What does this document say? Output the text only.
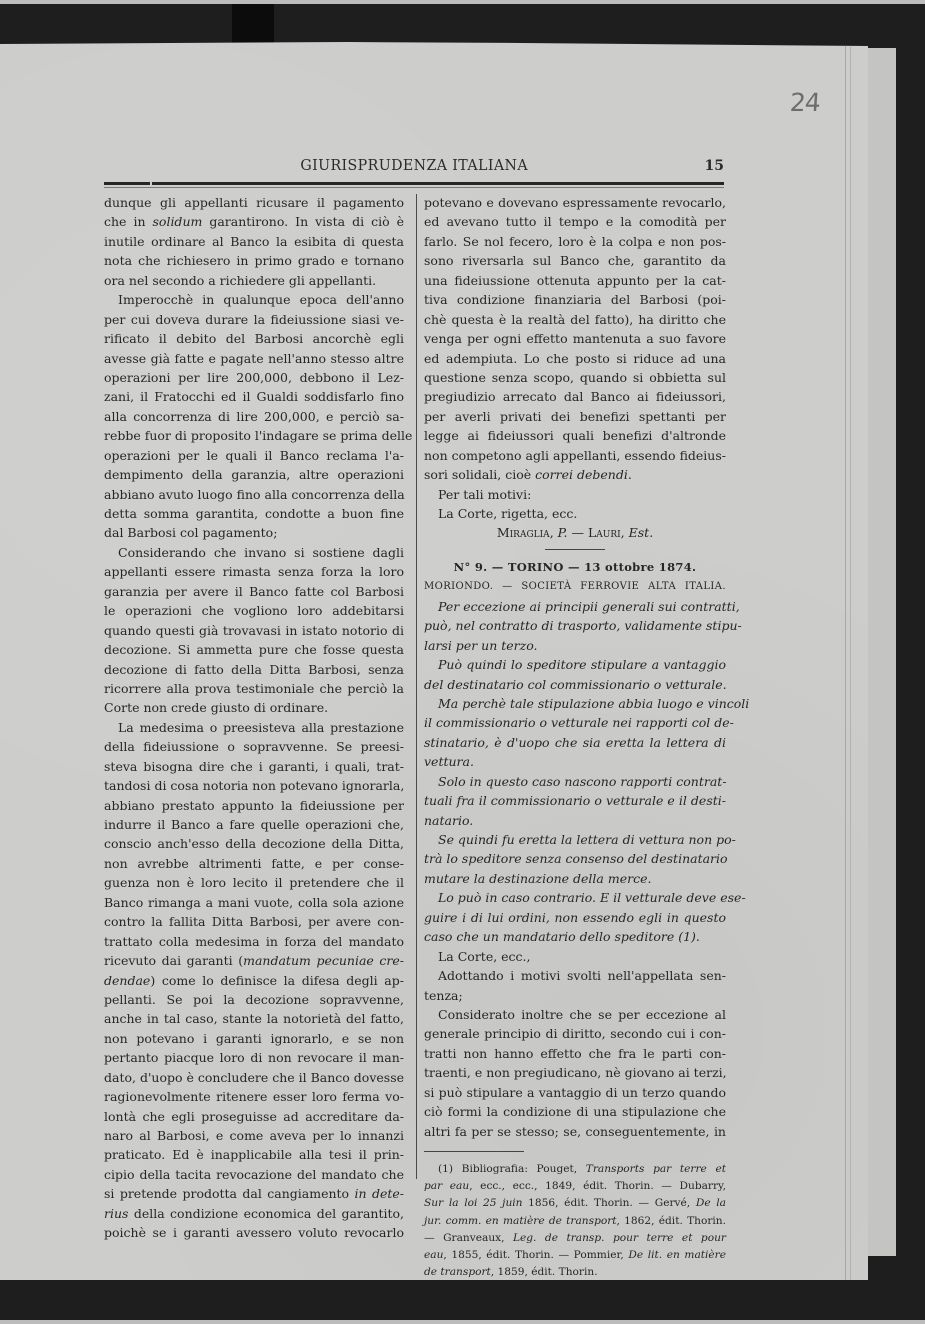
24
GIURISPRUDENZA ITALIANA	15
dunque gli appellanti ricusare il pagamento
che in solidum garantirono. In vista di ciò è
inutile ordinare al Banco la esibita di questa
nota che richiesero in primo grado e tornano
ora nel secondo a richiedere gli appellanti.
Imperocchè in qualunque epoca dell'anno
per cui doveva durare la fideiussione siasi ve-
rificato il debito del Barbosi ancorchè egli
avesse già fatte e pagate nell'anno stesso altre
operazioni per lire 200,000, debbono il Lez-
zani, il Fratocchi ed il Gualdi soddisfarlo fino
alla concorrenza di lire 200,000, e perciò sa-
rebbe fuor di proposito l'indagare se prima delle
operazioni per le quali il Banco reclama l'a-
dempimento della garanzia, altre operazioni
abbiano avuto luogo fino alla concorrenza della
detta somma garantita, condotte a buon fine
dal Barbosi col pagamento;
Considerando che invano si sostiene dagli
appellanti essere rimasta senza forza la loro
garanzia per avere il Banco fatte col Barbosi
le operazioni che vogliono loro addebitarsi
quando questi già trovavasi in istato notorio di
decozione. Si ammetta pure che fosse questa
decozione di fatto della Ditta Barbosi, senza
ricorrere alla prova testimoniale che perciò la
Corte non crede giusto di ordinare.
La medesima o preesisteva alla prestazione
della fideiussione o sopravvenne. Se preesi-
steva bisogna dire che i garanti, i quali, trat-
tandosi di cosa notoria non potevano ignorarla,
abbiano prestato appunto la fideiussione per
indurre il Banco a fare quelle operazioni che,
conscio anch'esso della decozione della Ditta,
non avrebbe altrimenti fatte, e per conse-
guenza non è loro lecito il pretendere che il
Banco rimanga a mani vuote, colla sola azione
contro la fallita Ditta Barbosi, per avere con-
trattato colla medesima in forza del mandato
ricevuto dai garanti (mandatum pecuniae cre-
dendae) come lo definisce la difesa degli ap-
pellanti. Se poi la decozione sopravvenne,
anche in tal caso, stante la notorietà del fatto,
non potevano i garanti ignorarlo, e se non
pertanto piacque loro di non revocare il man-
dato, d'uopo è concludere che il Banco dovesse
ragionevolmente ritenere esser loro ferma vo-
lontà che egli proseguisse ad accreditare da-
naro al Barbosi, e come aveva per lo innanzi
praticato. Ed è inapplicabile alla tesi il prin-
cipio della tacita revocazione del mandato che
si pretende prodotta dal cangiamento in dete-
rius della condizione economica del garantito,
poichè se i garanti avessero voluto revocarlo
potevano e dovevano espressamente revocarlo,
ed avevano tutto il tempo e la comodità per
farlo. Se nol fecero, loro è la colpa e non pos-
sono riversarla sul Banco che, garantito da
una fideiussione ottenuta appunto per la cat-
tiva condizione finanziaria del Barbosi (poi-
chè questa è la realtà del fatto), ha diritto che
venga per ogni effetto mantenuta a suo favore
ed adempiuta. Lo che posto si riduce ad una
questione senza scopo, quando si obbietta sul
pregiudizio arrecato dal Banco ai fideiussori,
per averli privati dei benefizi spettanti per
legge ai fideiussori quali benefizi d'altronde
non competono agli appellanti, essendo fideius-
sori solidali, cioè correi debendi.
Per tali motivi:
La Corte, rigetta, ecc.
Miraglia, P. — Lauri, Est.
N° 9. — TORINO — 13 ottobre 1874.
MORIONDO. — SOCIETÀ FERROVIE ALTA ITALIA.
Per eccezione ai principii generali sui contratti,
può, nel contratto di trasporto, validamente stipu-
larsi per un terzo.
Può quindi lo speditore stipulare a vantaggio
del destinatario col commissionario o vetturale.
Ma perchè tale stipulazione abbia luogo e vincoli
il commissionario o vetturale nei rapporti col de-
stinatario, è d'uopo che sia eretta la lettera di
vettura.
Solo in questo caso nascono rapporti contrat-
tuali fra il commissionario o vetturale e il desti-
natario.
Se quindi fu eretta la lettera di vettura non po-
trà lo speditore senza consenso del destinatario
mutare la destinazione della merce.
Lo può in caso contrario. E il vetturale deve ese-
guire i di lui ordini, non essendo egli in questo
caso che un mandatario dello speditore (1).
La Corte, ecc.,
Adottando i motivi svolti nell'appellata sen-
tenza;
Considerato inoltre che se per eccezione al
generale principio di diritto, secondo cui i con-
tratti non hanno effetto che fra le parti con-
traenti, e non pregiudicano, nè giovano ai terzi,
si può stipulare a vantaggio di un terzo quando
ciò formi la condizione di una stipulazione che
altri fa per se stesso; se, conseguentemente, in
(1) Bibliografia: Pouget, Transports par terre et
par eau, ecc., ecc., 1849, édit. Thorin. — Dubarry,
Sur la loi 25 juin 1856, édit. Thorin. — Gervé, De la
jur. comm. en matière de transport, 1862, édit. Thorin.
— Granveaux, Leg. de transp. pour terre et pour
eau, 1855, édit. Thorin. — Pommier, De lit. en matière
de transport, 1859, édit. Thorin.
